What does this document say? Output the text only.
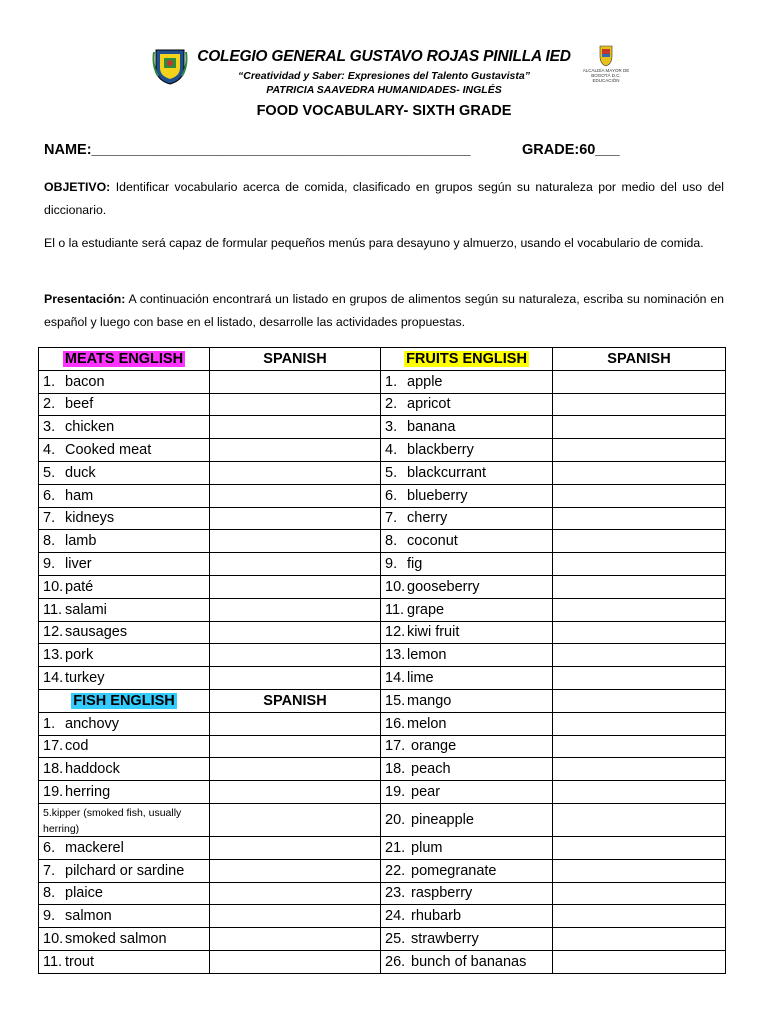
ALCALDÍA MAYOR DE BOGOTÁ D.C. EDUCACIÓN
COLEGIO GENERAL GUSTAVO ROJAS PINILLA IED
“Creatividad y Saber: Expresiones del Talento Gustavista”
PATRICIA SAAVEDRA HUMANIDADES- INGLÉS
FOOD VOCABULARY- SIXTH GRADE
NAME:_______________________________________________	GRADE:60___
OBJETIVO: Identificar vocabulario acerca de comida, clasificado en grupos según su naturaleza por medio del uso del diccionario.
El o la estudiante será capaz de formular pequeños menús para desayuno y almuerzo, usando el vocabulario de comida.
Presentación: A continuación encontrará un listado en grupos de alimentos según su naturaleza, escriba su nominación en español y luego con base en el listado, desarrolle las actividades propuestas.
MEATS ENGLISH	SPANISH	FRUITS ENGLISH	SPANISH
1. bacon		1. apple	
2. beef		2. apricot	
3. chicken		3. banana	
4. Cooked meat		4. blackberry	
5. duck		5. blackcurrant	
6. ham		6. blueberry	
7. kidneys		7. cherry	
8. lamb		8. coconut	
9. liver		9. fig	
10. paté		10. gooseberry	
11. salami		11. grape	
12. sausages		12. kiwi fruit	
13. pork		13. lemon	
14. turkey		14. lime	
FISH ENGLISH	SPANISH	15. mango	
1. anchovy		16. melon	
17. cod		17. orange	
18. haddock		18. peach	
19. herring		19. pear	
5.kipper (smoked fish, usually herring)		20. pineapple	
6. mackerel		21. plum	
7. pilchard or sardine		22. pomegranate	
8. plaice		23. raspberry	
9. salmon		24. rhubarb	
10. smoked salmon		25. strawberry	
11. trout		26. bunch of bananas	
